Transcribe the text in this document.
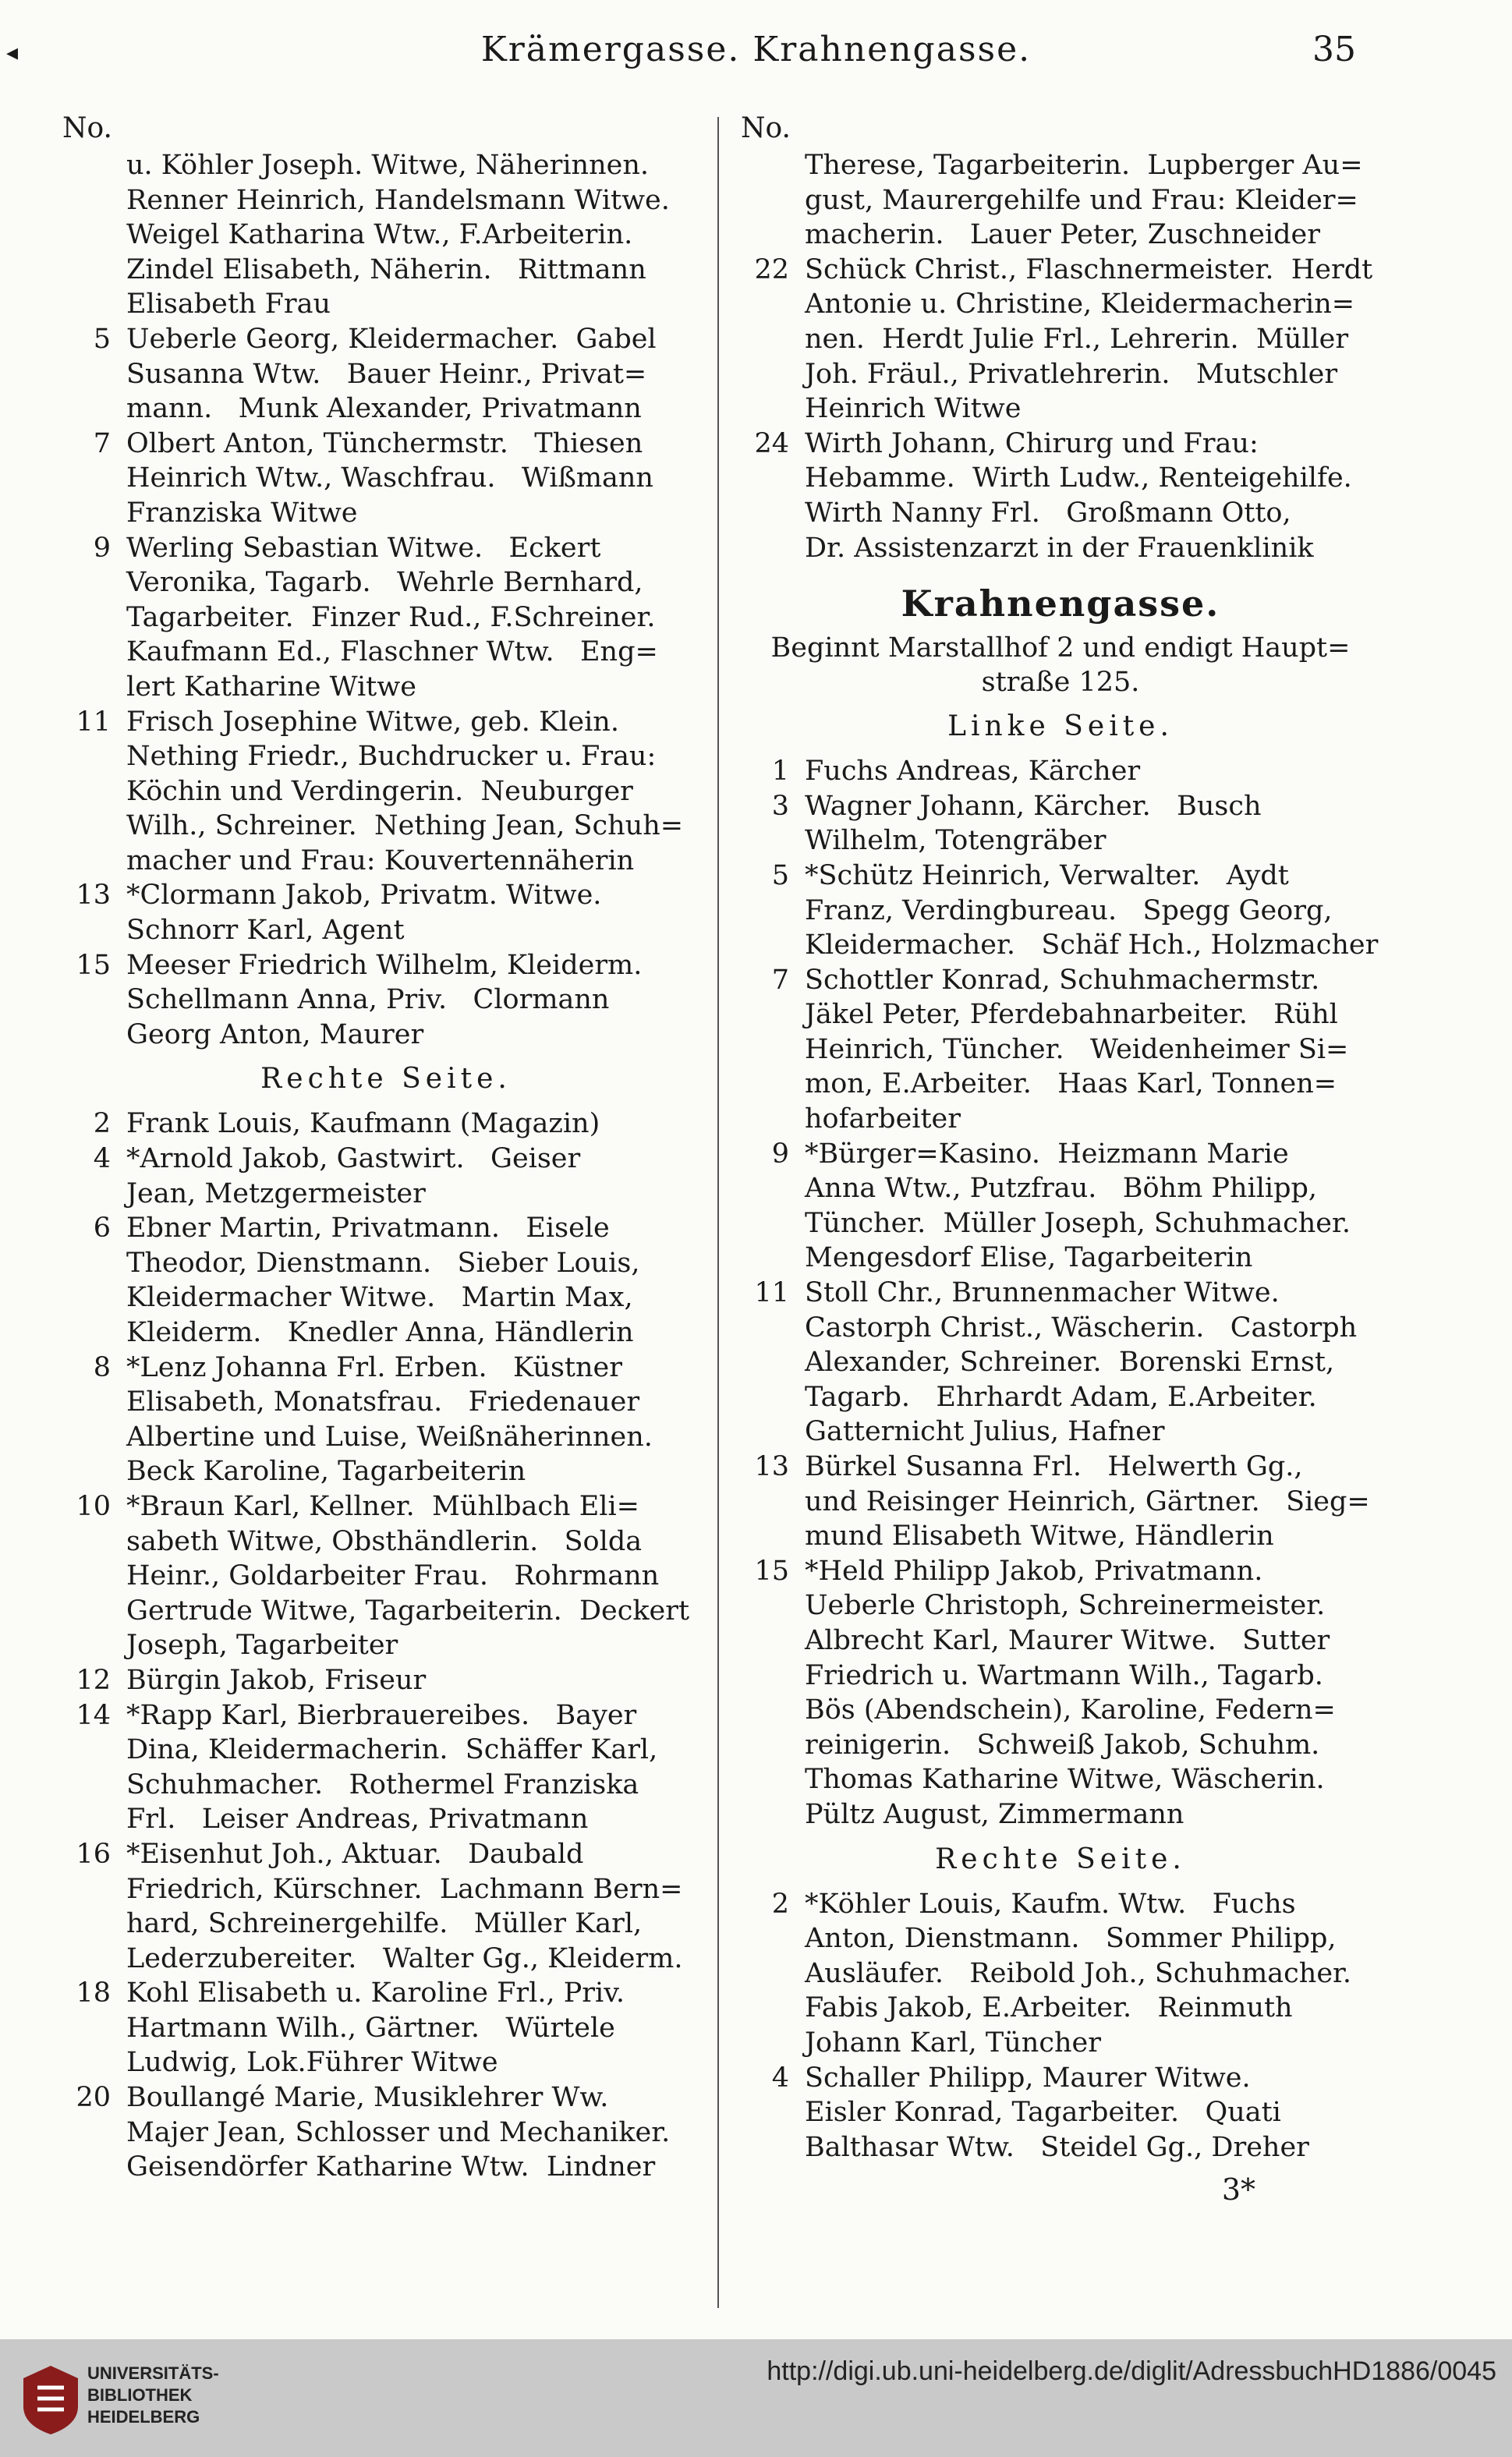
◂	Krämergasse. Krahnengasse.	35
No.
u. Köhler Joseph. Witwe, Näherinnen.
Renner Heinrich, Handelsmann Witwe.
Weigel Katharina Wtw., F.Arbeiterin.
Zindel Elisabeth, Näherin.   Rittmann
Elisabeth Frau
5 Ueberle Georg, Kleidermacher.  Gabel
Susanna Wtw.   Bauer Heinr., Privat=
mann.   Munk Alexander, Privatmann
7 Olbert Anton, Tünchermstr.   Thiesen
Heinrich Wtw., Waschfrau.   Wißmann
Franziska Witwe
9 Werling Sebastian Witwe.   Eckert
Veronika, Tagarb.   Wehrle Bernhard,
Tagarbeiter.  Finzer Rud., F.Schreiner.
Kaufmann Ed., Flaschner Wtw.   Eng=
lert Katharine Witwe
11 Frisch Josephine Witwe, geb. Klein.
Nething Friedr., Buchdrucker u. Frau:
Köchin und Verdingerin.  Neuburger
Wilh., Schreiner.  Nething Jean, Schuh=
macher und Frau: Kouvertennäherin
13 *Clormann Jakob, Privatm. Witwe.
Schnorr Karl, Agent
15 Meeser Friedrich Wilhelm, Kleiderm.
Schellmann Anna, Priv.   Clormann
Georg Anton, Maurer
Rechte Seite.
2 Frank Louis, Kaufmann (Magazin)
4 *Arnold Jakob, Gastwirt.   Geiser
Jean, Metzgermeister
6 Ebner Martin, Privatmann.   Eisele
Theodor, Dienstmann.   Sieber Louis,
Kleidermacher Witwe.   Martin Max,
Kleiderm.   Knedler Anna, Händlerin
8 *Lenz Johanna Frl. Erben.   Küstner
Elisabeth, Monatsfrau.   Friedenauer
Albertine und Luise, Weißnäherinnen.
Beck Karoline, Tagarbeiterin
10 *Braun Karl, Kellner.  Mühlbach Eli=
sabeth Witwe, Obsthändlerin.   Solda
Heinr., Goldarbeiter Frau.   Rohrmann
Gertrude Witwe, Tagarbeiterin.  Deckert
Joseph, Tagarbeiter
12 Bürgin Jakob, Friseur
14 *Rapp Karl, Bierbrauereibes.   Bayer
Dina, Kleidermacherin.  Schäffer Karl,
Schuhmacher.   Rothermel Franziska
Frl.   Leiser Andreas, Privatmann
16 *Eisenhut Joh., Aktuar.   Daubald
Friedrich, Kürschner.  Lachmann Bern=
hard, Schreinergehilfe.   Müller Karl,
Lederzubereiter.   Walter Gg., Kleiderm.
18 Kohl Elisabeth u. Karoline Frl., Priv.
Hartmann Wilh., Gärtner.   Würtele
Ludwig, Lok.Führer Witwe
20 Boullangé Marie, Musiklehrer Ww.
Majer Jean, Schlosser und Mechaniker.
Geisendörfer Katharine Wtw.  Lindner
No.
Therese, Tagarbeiterin.  Lupberger Au=
gust, Maurergehilfe und Frau: Kleider=
macherin.   Lauer Peter, Zuschneider
22 Schück Christ., Flaschnermeister.  Herdt
Antonie u. Christine, Kleidermacherin=
nen.  Herdt Julie Frl., Lehrerin.  Müller
Joh. Fräul., Privatlehrerin.   Mutschler
Heinrich Witwe
24 Wirth Johann, Chirurg und Frau:
Hebamme.  Wirth Ludw., Renteigehilfe.
Wirth Nanny Frl.   Großmann Otto,
Dr. Assistenzarzt in der Frauenklinik
Krahnengasse.
Beginnt Marstallhof 2 und endigt Haupt=
straße 125.
Linke Seite.
1 Fuchs Andreas, Kärcher
3 Wagner Johann, Kärcher.   Busch
Wilhelm, Totengräber
5 *Schütz Heinrich, Verwalter.   Aydt
Franz, Verdingbureau.   Spegg Georg,
Kleidermacher.   Schäf Hch., Holzmacher
7 Schottler Konrad, Schuhmachermstr.
Jäkel Peter, Pferdebahnarbeiter.   Rühl
Heinrich, Tüncher.   Weidenheimer Si=
mon, E.Arbeiter.   Haas Karl, Tonnen=
hofarbeiter
9 *Bürger=Kasino.  Heizmann Marie
Anna Wtw., Putzfrau.   Böhm Philipp,
Tüncher.  Müller Joseph, Schuhmacher.
Mengesdorf Elise, Tagarbeiterin
11 Stoll Chr., Brunnenmacher Witwe.
Castorph Christ., Wäscherin.   Castorph
Alexander, Schreiner.  Borenski Ernst,
Tagarb.   Ehrhardt Adam, E.Arbeiter.
Gatternicht Julius, Hafner
13 Bürkel Susanna Frl.   Helwerth Gg.,
und Reisinger Heinrich, Gärtner.   Sieg=
mund Elisabeth Witwe, Händlerin
15 *Held Philipp Jakob, Privatmann.
Ueberle Christoph, Schreinermeister.
Albrecht Karl, Maurer Witwe.   Sutter
Friedrich u. Wartmann Wilh., Tagarb.
Bös (Abendschein), Karoline, Federn=
reinigerin.   Schweiß Jakob, Schuhm.
Thomas Katharine Witwe, Wäscherin.
Pültz August, Zimmermann
Rechte Seite.
2 *Köhler Louis, Kaufm. Wtw.   Fuchs
Anton, Dienstmann.   Sommer Philipp,
Ausläufer.   Reibold Joh., Schuhmacher.
Fabis Jakob, E.Arbeiter.   Reinmuth
Johann Karl, Tüncher
4 Schaller Philipp, Maurer Witwe.
Eisler Konrad, Tagarbeiter.   Quati
Balthasar Wtw.   Steidel Gg., Dreher
3*
UNIVERSITÄTS-
BIBLIOTHEK
HEIDELBERG
http://digi.ub.uni-heidelberg.de/diglit/AdressbuchHD1886/0045
